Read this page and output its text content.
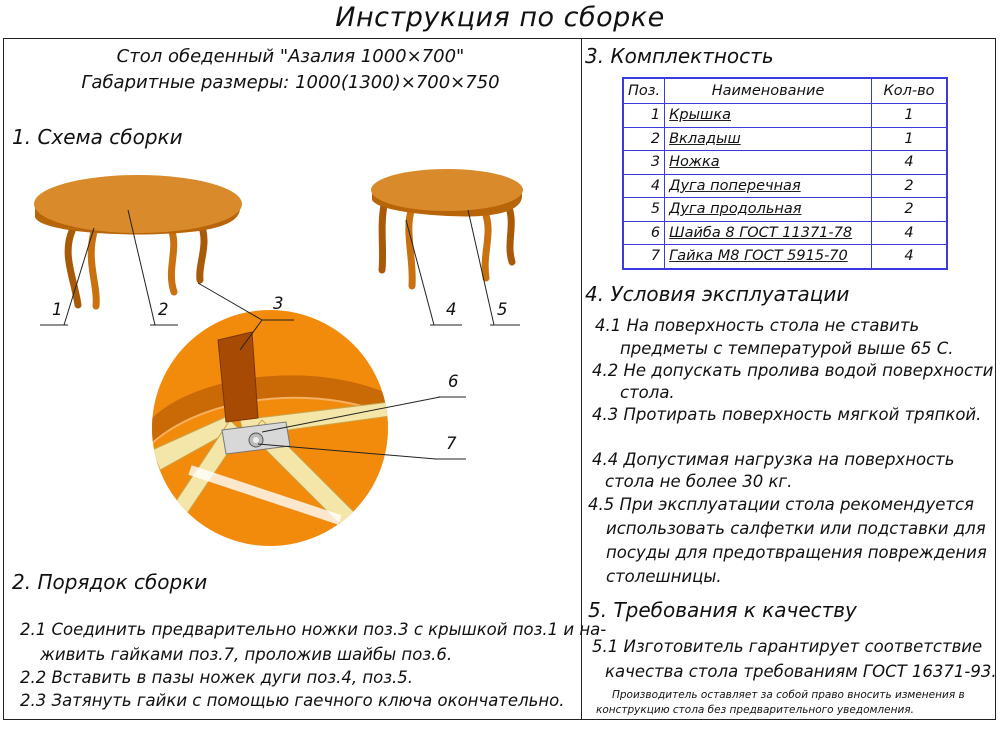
Инструкция по сборке
1	2	3	4 5
6
7
Стол обеденный "Азалия 1000×700"
Габаритные размеры: 1000(1300)×700×750
1. Схема сборки
2. Порядок сборки
2.1 Соединить предварительно ножки поз.3 с крышкой поз.1 и на-
живить гайками поз.7, проложив шайбы поз.6.
2.2 Вставить в пазы ножек дуги поз.4, поз.5.
2.3 Затянуть гайки с помощью гаечного ключа окончательно.
3. Комплектность
Поз.	Наименование	Кол-во
1	Крышка	1
2	Вкладыш	1
3	Ножка	4
4	Дуга поперечная	2
5	Дуга продольная	2
6	Шайба 8 ГОСТ 11371-78	4
7	Гайка М8 ГОСТ 5915-70	4
4. Условия эксплуатации
4.1 На поверхность стола не ставить
предметы с температурой выше 65 С.
4.2 Не допускать пролива водой поверхности
стола.
4.3 Протирать поверхность мягкой тряпкой.
4.4 Допустимая нагрузка на поверхность
стола не более 30 кг.
4.5 При эксплуатации стола рекомендуется
использовать салфетки или подставки для
посуды для предотвращения повреждения
столешницы.
5. Требования к качеству
5.1 Изготовитель гарантирует соответствие
качества стола требованиям ГОСТ 16371-93.
Производитель оставляет за собой право вносить изменения в
конструкцию стола без предварительного уведомления.
